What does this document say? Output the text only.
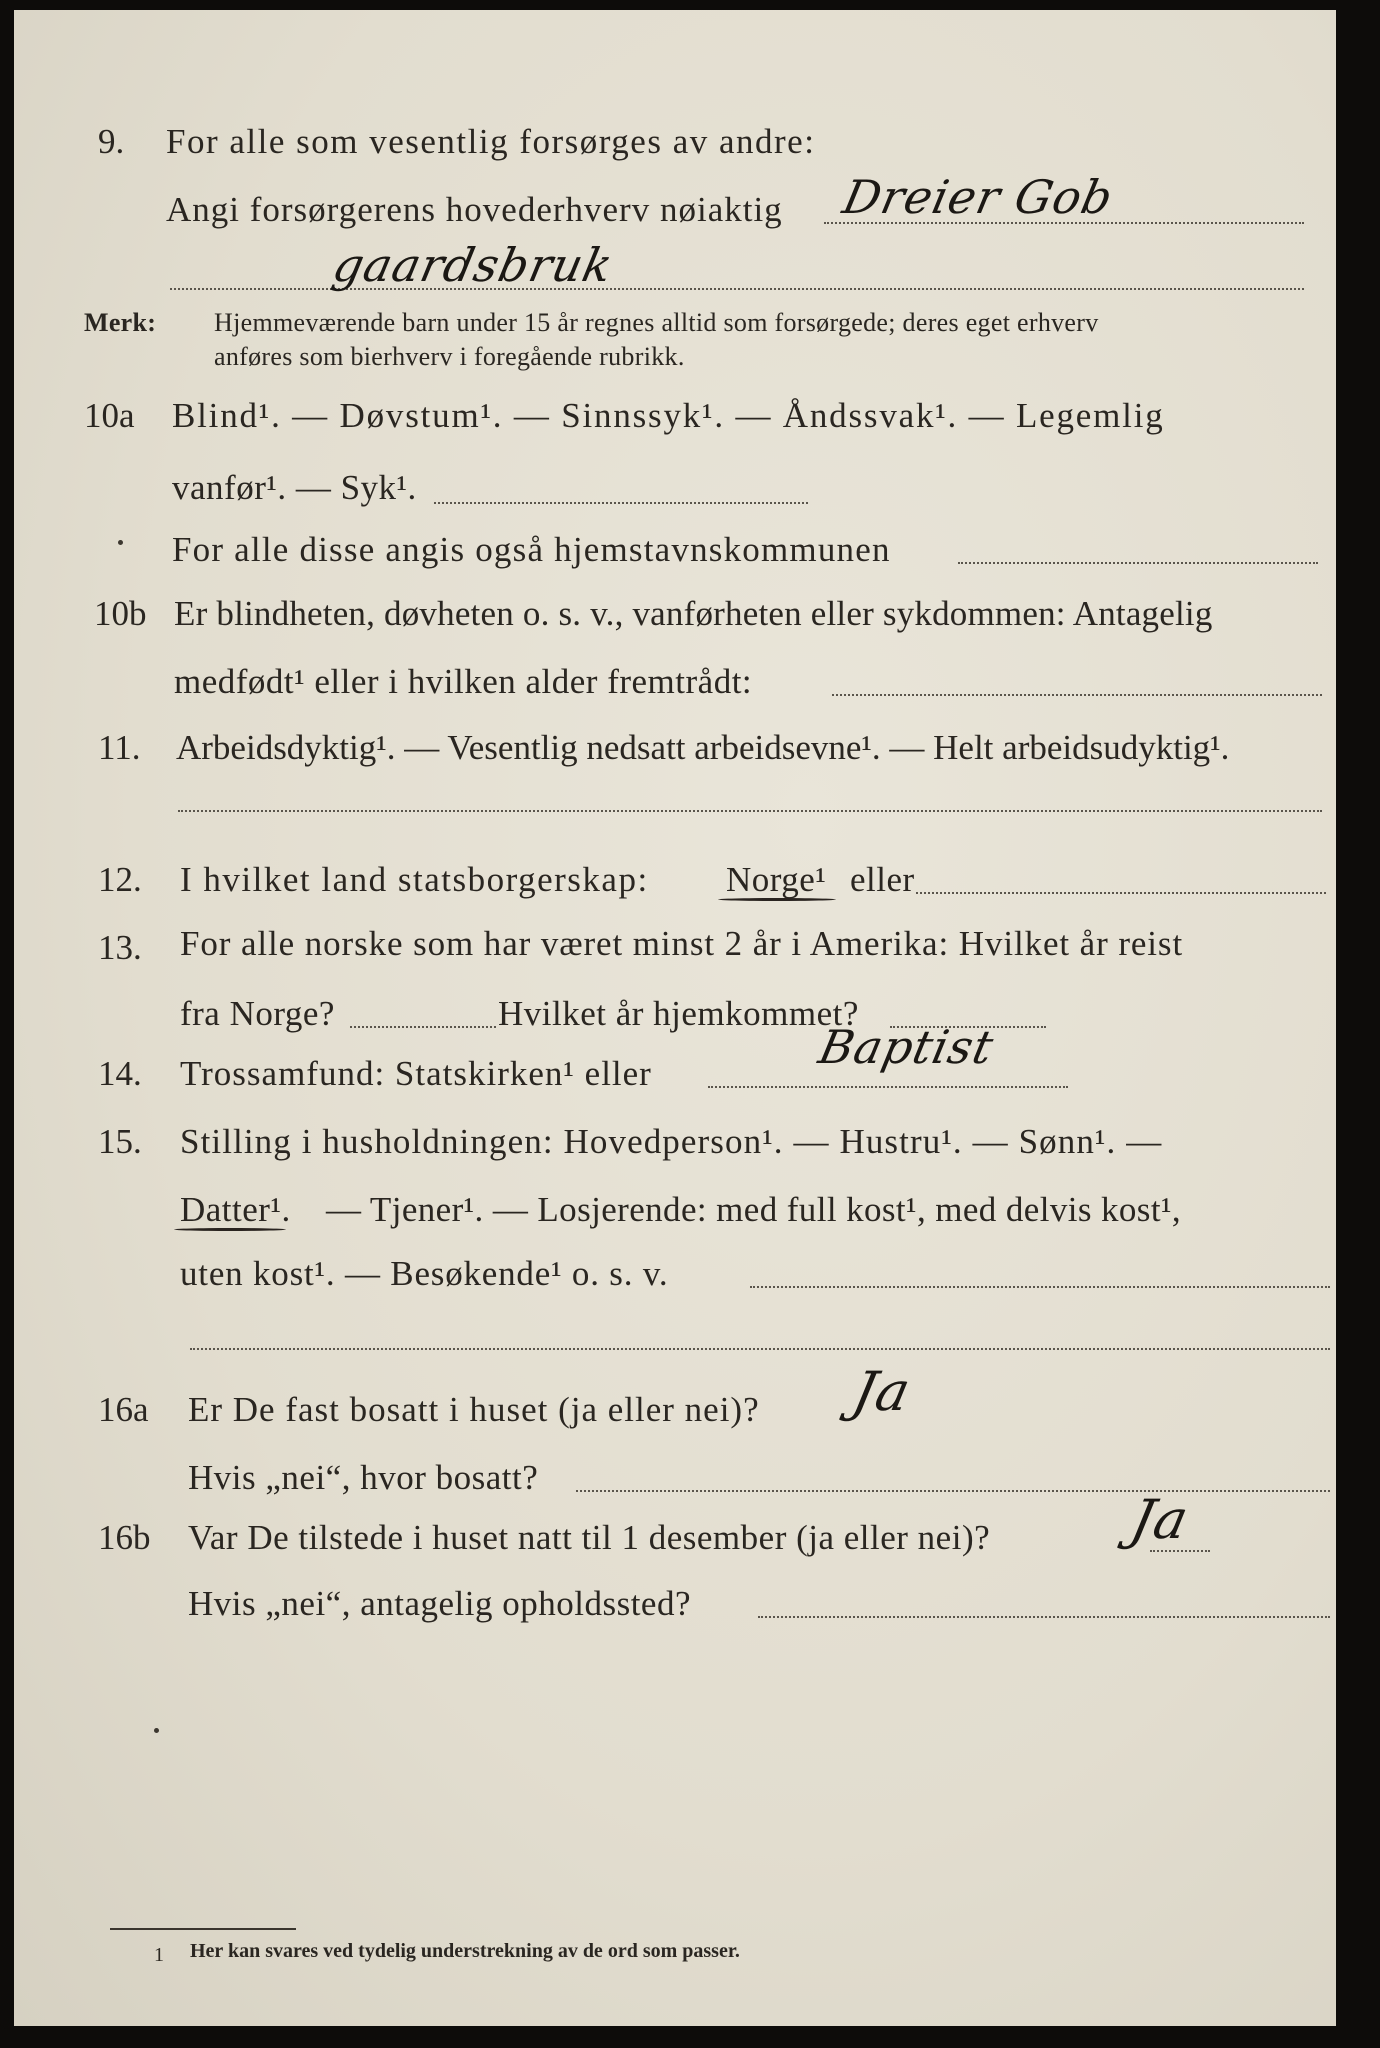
9. For alle som vesentlig forsørges av andre:
Angi forsørgerens hovederhverv nøiaktig Dreier Gob
gaardsbruk
Merk: Hjemmeværende barn under 15 år regnes alltid som forsørgede; deres eget erhverv
anføres som bierhverv i foregående rubrikk.
10a Blind¹. — Døvstum¹. — Sinnssyk¹. — Åndssvak¹. — Legemlig
vanfør¹. — Syk¹.
For alle disse angis også hjemstavnskommunen
10b Er blindheten, døvheten o. s. v., vanførheten eller sykdommen: Antagelig
medfødt¹ eller i hvilken alder fremtrådt:
11. Arbeidsdyktig¹. — Vesentlig nedsatt arbeidsevne¹. — Helt arbeidsudyktig¹.
12. I hvilket land statsborgerskap: Norge¹ eller
13. For alle norske som har været minst 2 år i Amerika: Hvilket år reist
fra Norge?	Hvilket år hjemkommet?
14. Trossamfund: Statskirken¹ eller	Baptist
15. Stilling i husholdningen: Hovedperson¹. — Hustru¹. — Sønn¹. —
Datter¹. — Tjener¹. — Losjerende: med full kost¹, med delvis kost¹,
uten kost¹. — Besøkende¹ o. s. v.
16a Er De fast bosatt i huset (ja eller nei)? Ja
Hvis „nei“, hvor bosatt?
16b Var De tilstede i huset natt til 1 desember (ja eller nei)?	Ja
Hvis „nei“, antagelig opholdssted?
1 Her kan svares ved tydelig understrekning av de ord som passer.
